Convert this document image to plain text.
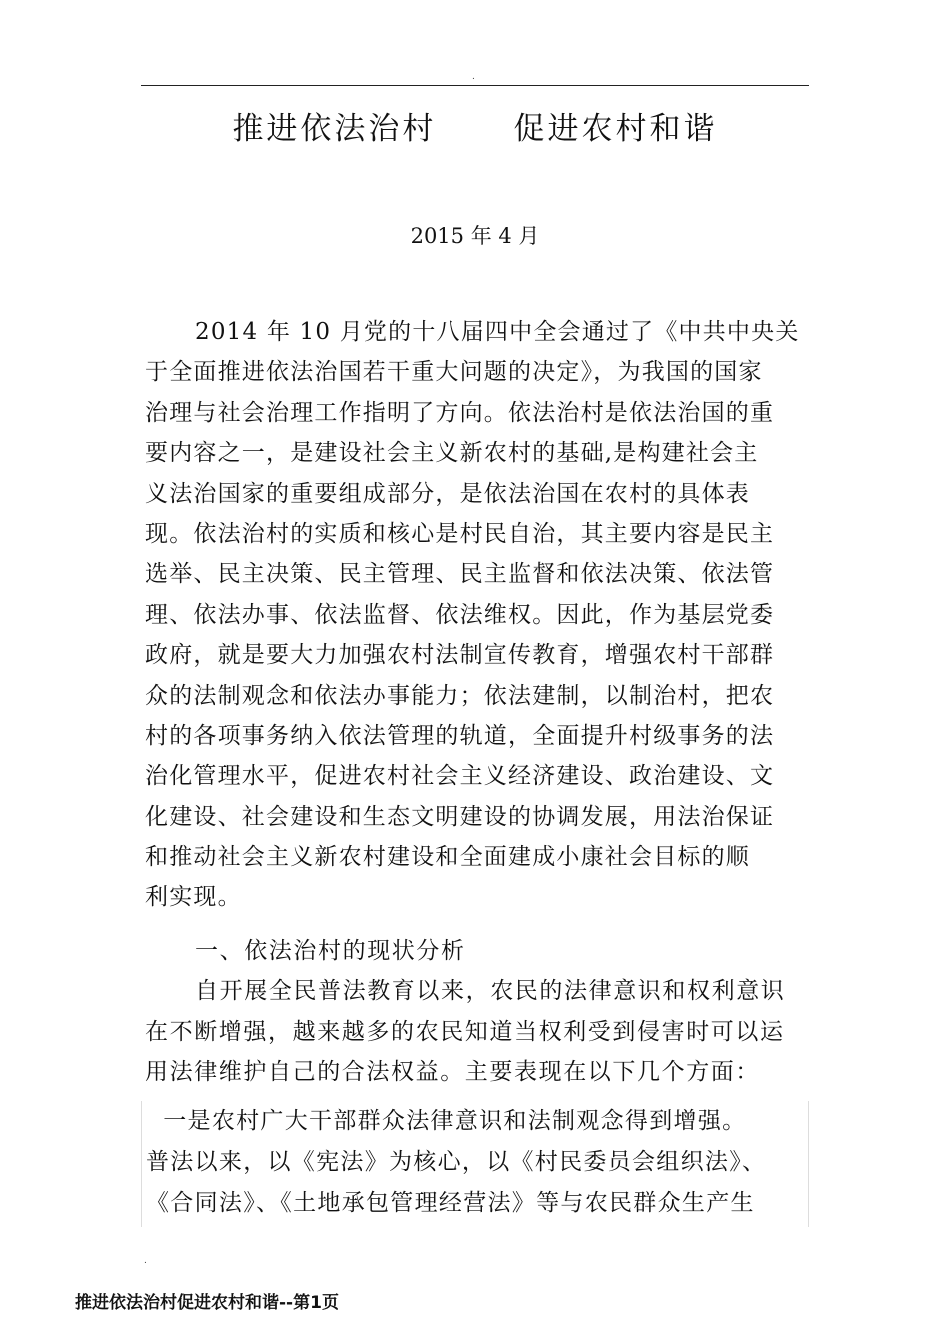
.
推进依法治村      促进农村和谐
2015 年 4 月
2014 年 10 月党的十八届四中全会通过了《中共中央关
于全面推进依法治国若干重大问题的决定》，为我国的国家
治理与社会治理工作指明了方向。依法治村是依法治国的重
要内容之一，是建设社会主义新农村的基础,是构建社会主
义法治国家的重要组成部分，是依法治国在农村的具体表
现。依法治村的实质和核心是村民自治，其主要内容是民主
选举、民主决策、民主管理、民主监督和依法决策、依法管
理、依法办事、依法监督、依法维权。因此，作为基层党委
政府，就是要大力加强农村法制宣传教育，增强农村干部群
众的法制观念和依法办事能力；依法建制，以制治村，把农
村的各项事务纳入依法管理的轨道，全面提升村级事务的法
治化管理水平，促进农村社会主义经济建设、政治建设、文
化建设、社会建设和生态文明建设的协调发展，用法治保证
和推动社会主义新农村建设和全面建成小康社会目标的顺
利实现。
一、依法治村的现状分析
自开展全民普法教育以来，农民的法律意识和权利意识
在不断增强，越来越多的农民知道当权利受到侵害时可以运
用法律维护自己的合法权益。主要表现在以下几个方面：
一是农村广大干部群众法律意识和法制观念得到增强。
普法以来，以《宪法》为核心，以《村民委员会组织法》、
《合同法》、《土地承包管理经营法》等与农民群众生产生
.
推进依法治村促进农村和谐--第1页
